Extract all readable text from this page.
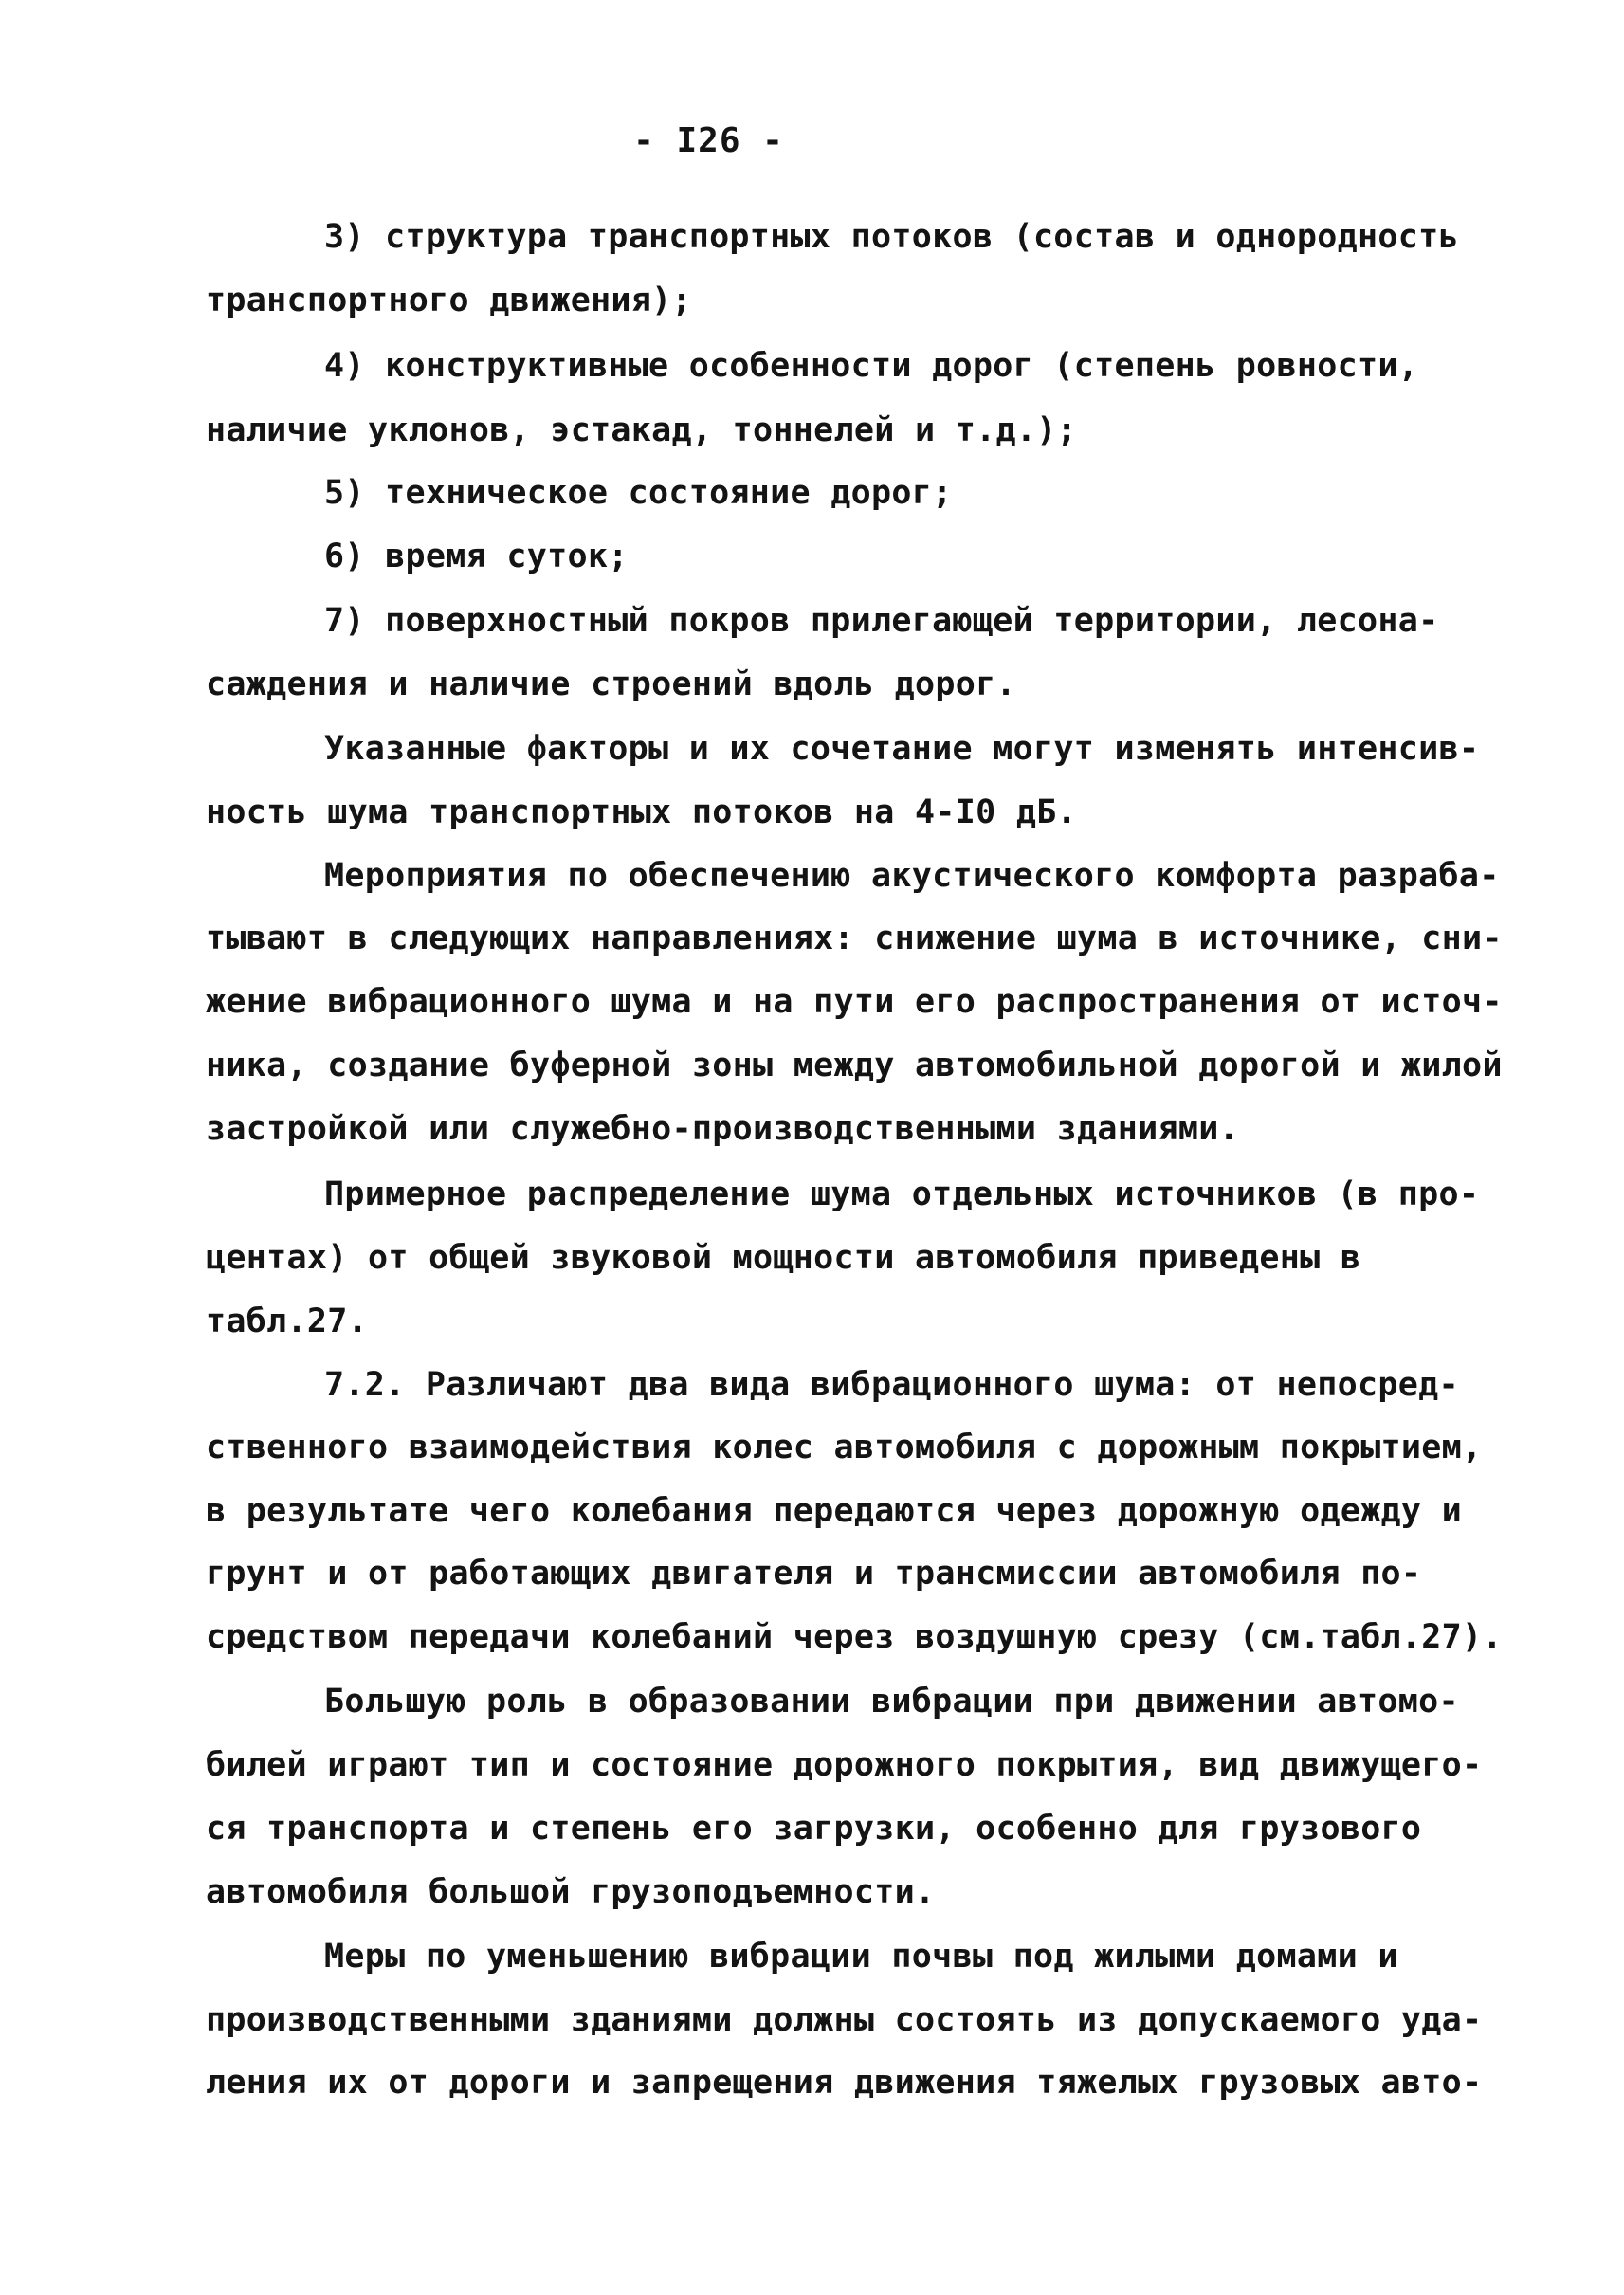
- I26 -
3) структура транспортных потоков (состав и однородность
транспортного движения);
4) конструктивные особенности дорог (степень ровности,
наличие уклонов, эстакад, тоннелей и т.д.);
5) техническое состояние дорог;
6) время суток;
7) поверхностный покров прилегающей территории, лесона-
саждения и наличие строений вдоль дорог.
Указанные факторы и их сочетание могут изменять интенсив-
ность шума транспортных потоков на 4-I0 дБ.
Мероприятия по обеспечению акустического комфорта разраба-
тывают в следующих направлениях: снижение шума в источнике, сни-
жение вибрационного шума и на пути его распространения от источ-
ника, создание буферной зоны между автомобильной дорогой и жилой
застройкой или служебно-производственными зданиями.
Примерное распределение шума отдельных источников (в про-
центах) от общей звуковой мощности автомобиля приведены в
табл.27.
7.2. Различают два вида вибрационного шума: от непосред-
ственного взаимодействия колес автомобиля с дорожным покрытием,
в результате чего колебания передаются через дорожную одежду и
грунт и от работающих двигателя и трансмиссии автомобиля по-
средством передачи колебаний через воздушную срезу (см.табл.27).
Большую роль в образовании вибрации при движении автомо-
билей играют тип и состояние дорожного покрытия, вид движущего-
ся транспорта и степень его загрузки, особенно для грузового
автомобиля большой грузоподъемности.
Меры по уменьшению вибрации почвы под жилыми домами и
производственными зданиями должны состоять из допускаемого уда-
ления их от дороги и запрещения движения тяжелых грузовых авто-
